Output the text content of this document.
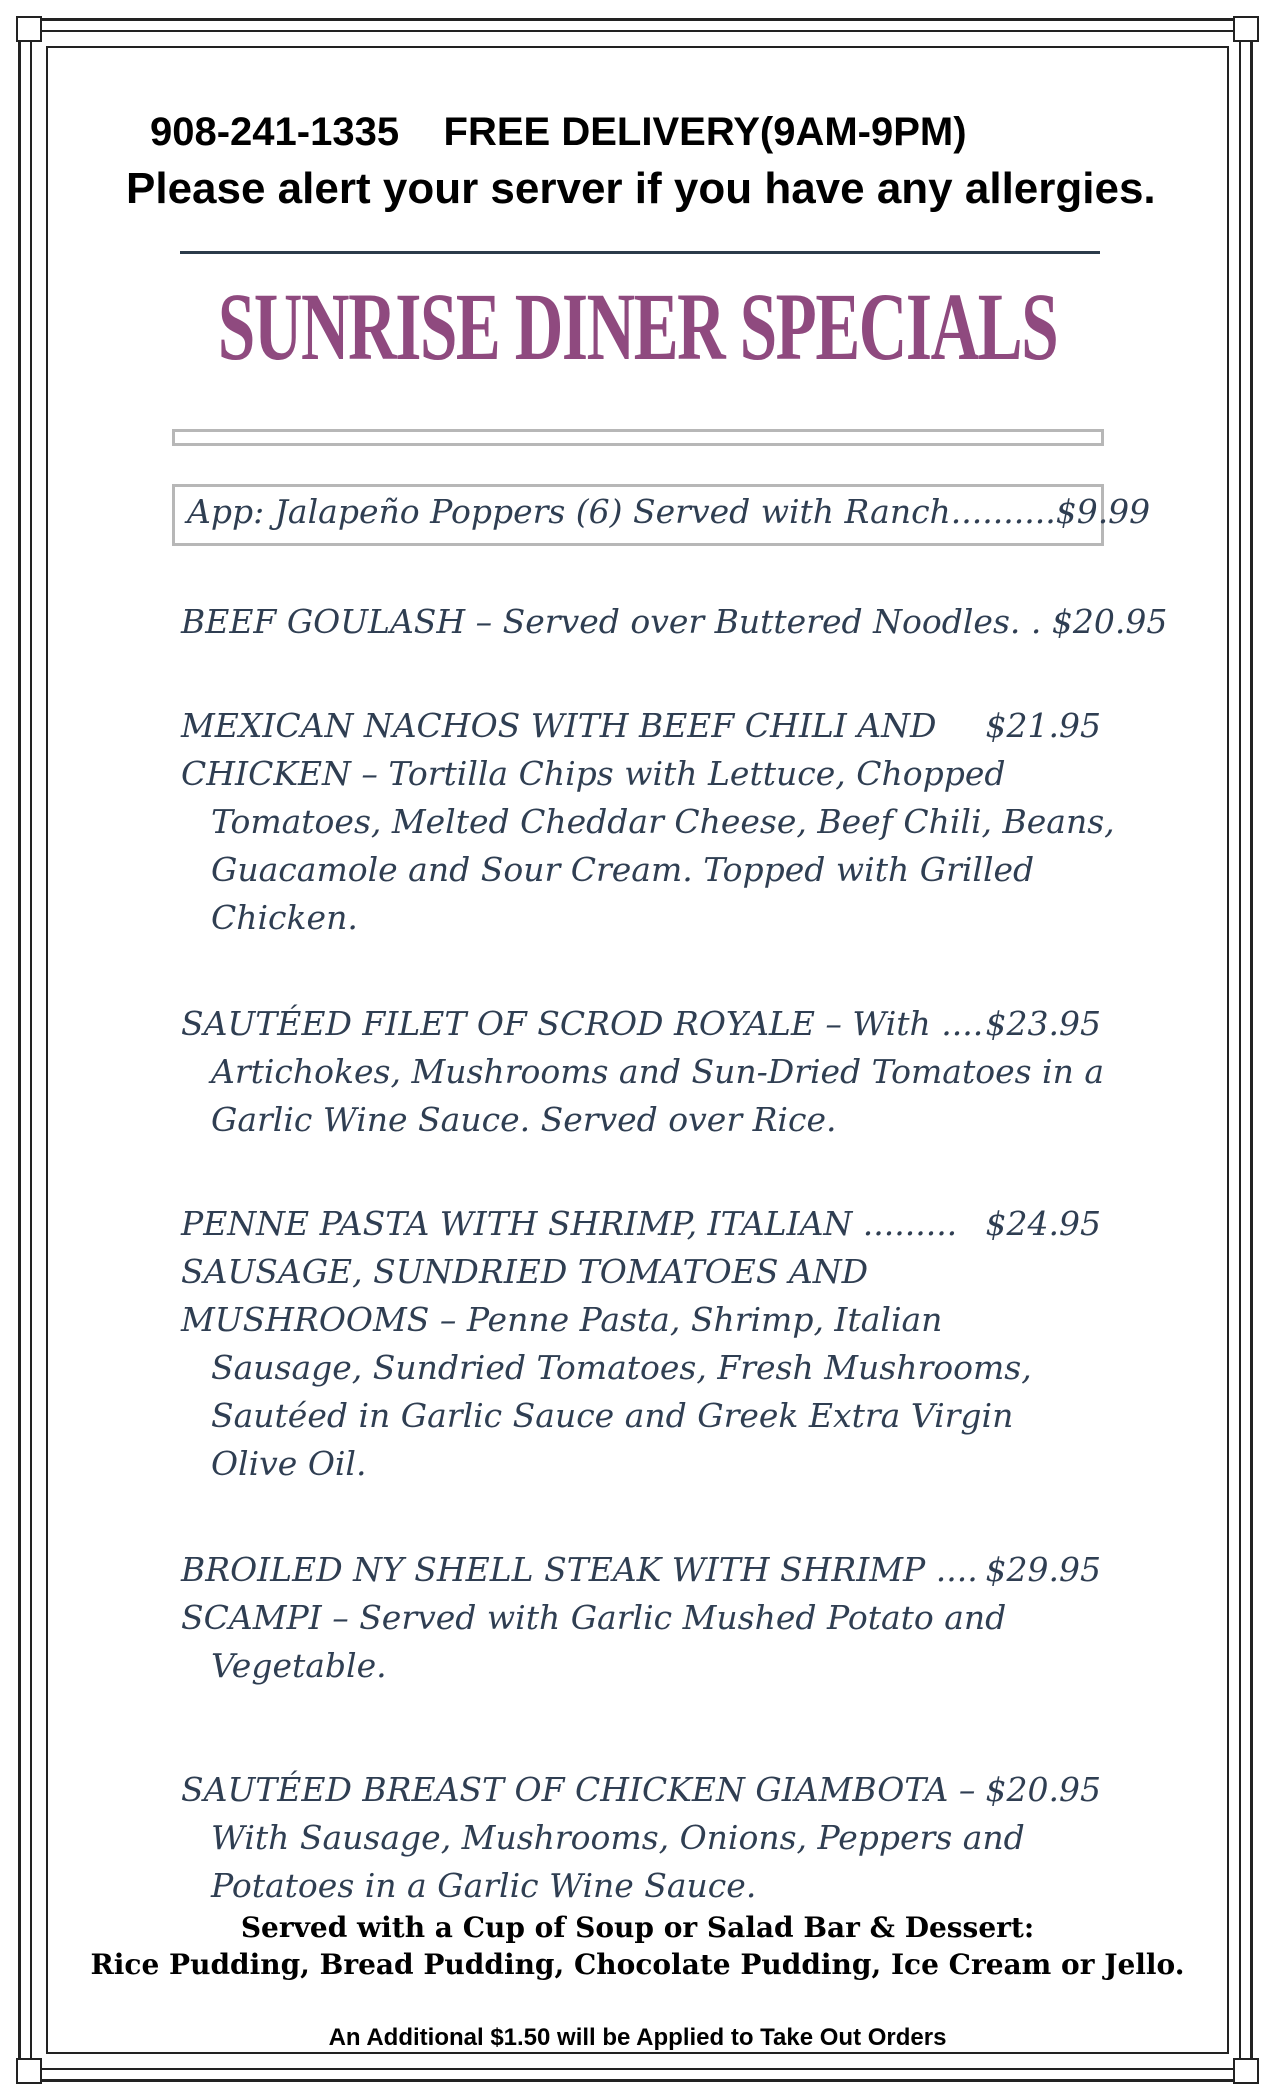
908-241-1335    FREE DELIVERY(9AM-9PM)
Please alert your server if you have any allergies.
SUNRISE DINER SPECIALS
App: Jalapeño Poppers (6) Served with Ranch..........$9.99
BEEF GOULASH – Served over Buttered Noodles. . $20.95
MEXICAN NACHOS WITH BEEF CHILI AND $21.95
CHICKEN – Tortilla Chips with Lettuce, Chopped
Tomatoes, Melted Cheddar Cheese, Beef Chili, Beans,
Guacamole and Sour Cream. Topped with Grilled
Chicken.
SAUTÉED FILET OF SCROD ROYALE – With .... $23.95
Artichokes, Mushrooms and Sun-Dried Tomatoes in a
Garlic Wine Sauce. Served over Rice.
PENNE PASTA WITH SHRIMP, ITALIAN ......... $24.95
SAUSAGE, SUNDRIED TOMATOES AND
MUSHROOMS – Penne Pasta, Shrimp, Italian
Sausage, Sundried Tomatoes, Fresh Mushrooms,
Sautéed in Garlic Sauce and Greek Extra Virgin
Olive Oil.
BROILED NY SHELL STEAK WITH SHRIMP .... $29.95
SCAMPI – Served with Garlic Mushed Potato and
Vegetable.
SAUTÉED BREAST OF CHICKEN GIAMBOTA – $20.95
With Sausage, Mushrooms, Onions, Peppers and
Potatoes in a Garlic Wine Sauce.
Served with a Cup of Soup or Salad Bar & Dessert:
Rice Pudding, Bread Pudding, Chocolate Pudding, Ice Cream or Jello.
An Additional $1.50 will be Applied to Take Out Orders
